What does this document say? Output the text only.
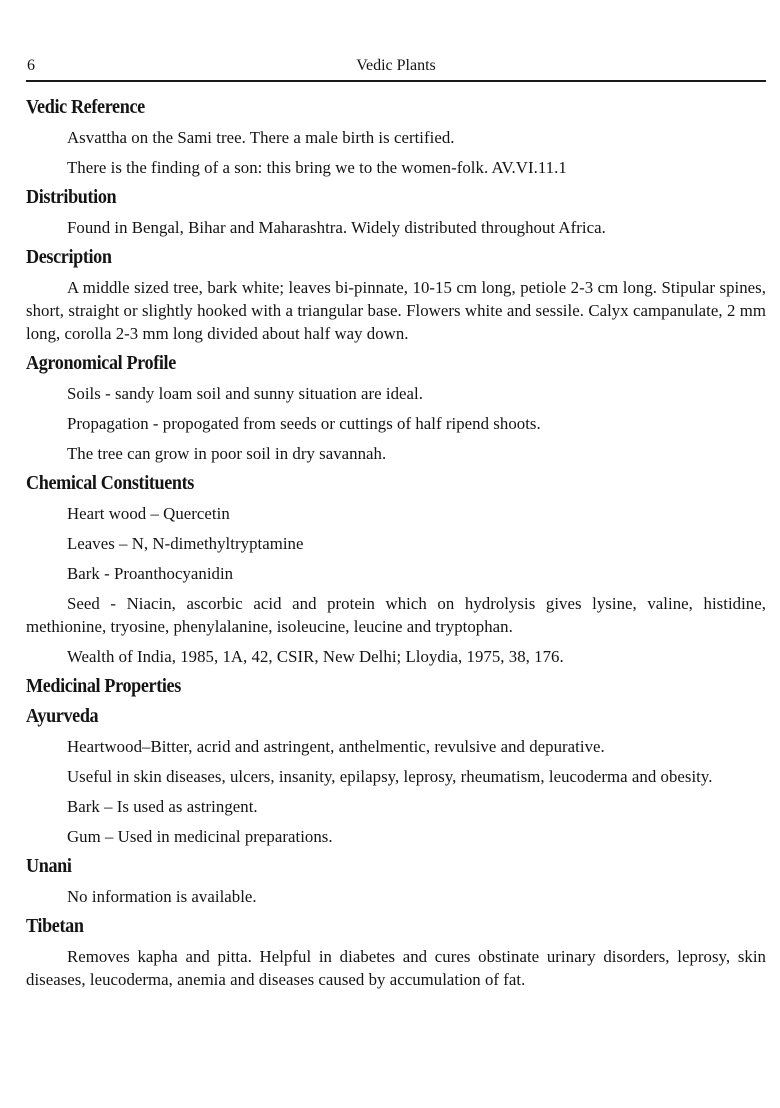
6	Vedic Plants
Vedic Reference

Asvattha on the Sami tree. There a male birth is certified.

There is the finding of a son: this bring we to the women-folk. AV.VI.11.1

Distribution

Found in Bengal, Bihar and Maharashtra. Widely distributed throughout Africa.

Description

A middle sized tree, bark white; leaves bi-pinnate, 10-15 cm long, petiole 2-3 cm long. Stipular spines, short, straight or slightly hooked with a triangular base. Flowers white and sessile. Calyx campanulate, 2 mm long, corolla 2-3 mm long divided about half way down.

Agronomical Profile

Soils - sandy loam soil and sunny situation are ideal.

Propagation - propogated from seeds or cuttings of half ripend shoots.

The tree can grow in poor soil in dry savannah.

Chemical Constituents

Heart wood – Quercetin

Leaves – N, N-dimethyltryptamine

Bark - Proanthocyanidin

Seed - Niacin, ascorbic acid and protein which on hydrolysis gives lysine, valine, histidine, methionine, tryosine, phenylalanine, isoleucine, leucine and tryptophan.

Wealth of India, 1985, 1A, 42, CSIR, New Delhi; Lloydia, 1975, 38, 176.

Medicinal Properties
Ayurveda

Heartwood–Bitter, acrid and astringent, anthelmentic, revulsive and depurative.

Useful in skin diseases, ulcers, insanity, epilapsy, leprosy, rheumatism, leucoderma and obesity.

Bark – Is used as astringent.

Gum – Used in medicinal preparations.

Unani

No information is available.

Tibetan

Removes kapha and pitta. Helpful in diabetes and cures obstinate urinary disorders, leprosy, skin diseases, leucoderma, anemia and diseases caused by accumulation of fat.
